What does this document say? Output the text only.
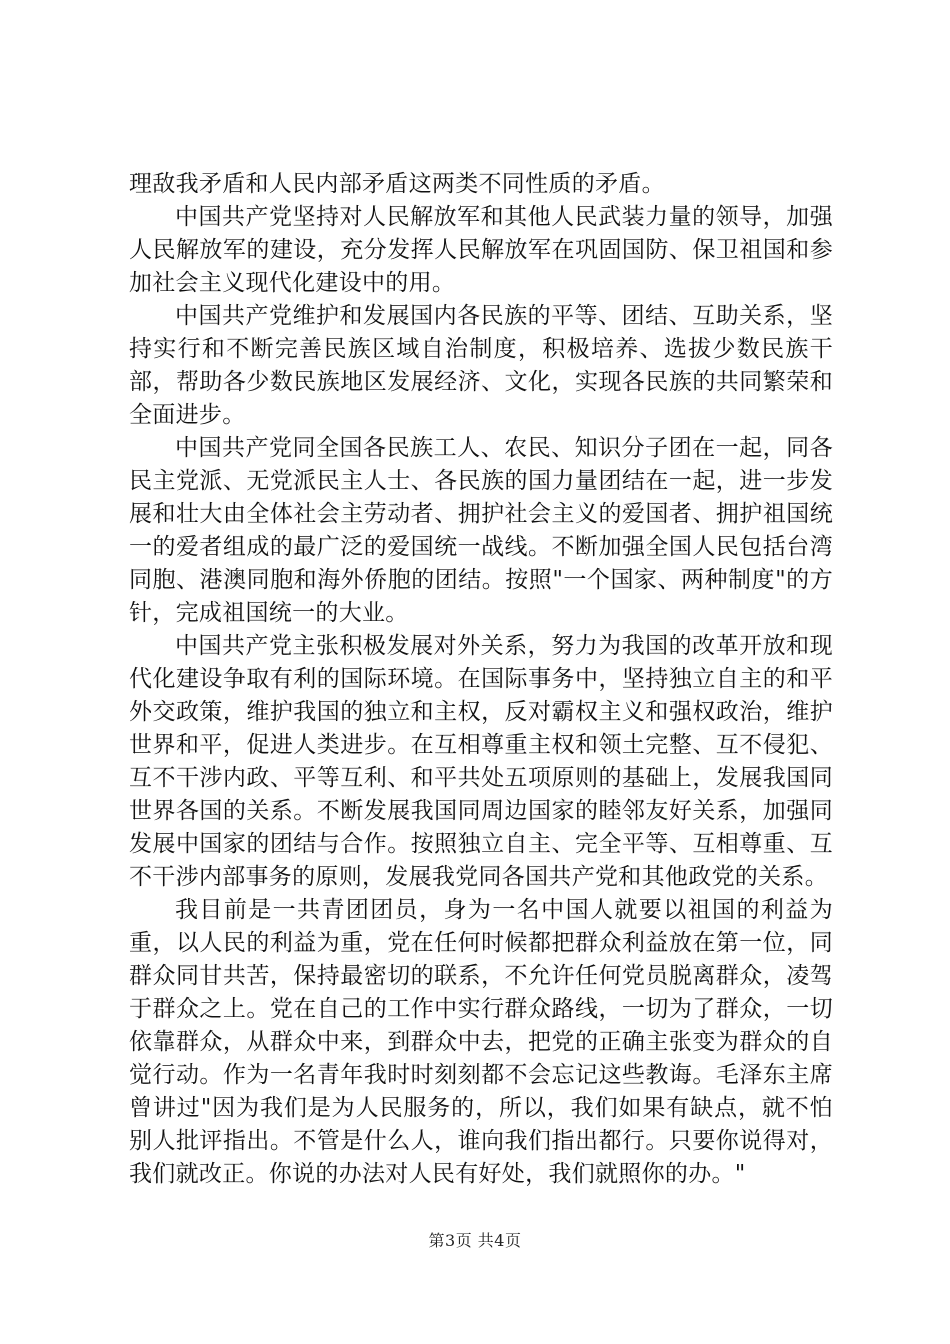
理敌我矛盾和人民内部矛盾这两类不同性质的矛盾。

中国共产党坚持对人民解放军和其他人民武装力量的领导，加强人民解放军的建设，充分发挥人民解放军在巩固国防、保卫祖国和参加社会主义现代化建设中的用。

中国共产党维护和发展国内各民族的平等、团结、互助关系，坚持实行和不断完善民族区域自治制度，积极培养、选拔少数民族干部，帮助各少数民族地区发展经济、文化，实现各民族的共同繁荣和全面进步。

中国共产党同全国各民族工人、农民、知识分子团在一起，同各民主党派、无党派民主人士、各民族的国力量团结在一起，进一步发展和壮大由全体社会主劳动者、拥护社会主义的爱国者、拥护祖国统一的爱者组成的最广泛的爱国统一战线。不断加强全国人民包括台湾同胞、港澳同胞和海外侨胞的团结。按照"一个国家、两种制度"的方针，完成祖国统一的大业。

中国共产党主张积极发展对外关系，努力为我国的改革开放和现代化建设争取有利的国际环境。在国际事务中，坚持独立自主的和平外交政策，维护我国的独立和主权，反对霸权主义和强权政治，维护世界和平，促进人类进步。在互相尊重主权和领土完整、互不侵犯、互不干涉内政、平等互利、和平共处五项原则的基础上，发展我国同世界各国的关系。不断发展我国同周边国家的睦邻友好关系，加强同发展中国家的团结与合作。按照独立自主、完全平等、互相尊重、互不干涉内部事务的原则，发展我党同各国共产党和其他政党的关系。

我目前是一共青团团员，身为一名中国人就要以祖国的利益为重，以人民的利益为重，党在任何时候都把群众利益放在第一位，同群众同甘共苦，保持最密切的联系，不允许任何党员脱离群众，凌驾于群众之上。党在自己的工作中实行群众路线，一切为了群众，一切依靠群众，从群众中来，到群众中去，把党的正确主张变为群众的自觉行动。作为一名青年我时时刻刻都不会忘记这些教诲。毛泽东主席曾讲过"因为我们是为人民服务的，所以，我们如果有缺点，就不怕别人批评指出。不管是什么人，谁向我们指出都行。只要你说得对，我们就改正。你说的办法对人民有好处，我们就照你的办。"

第3页 共4页
